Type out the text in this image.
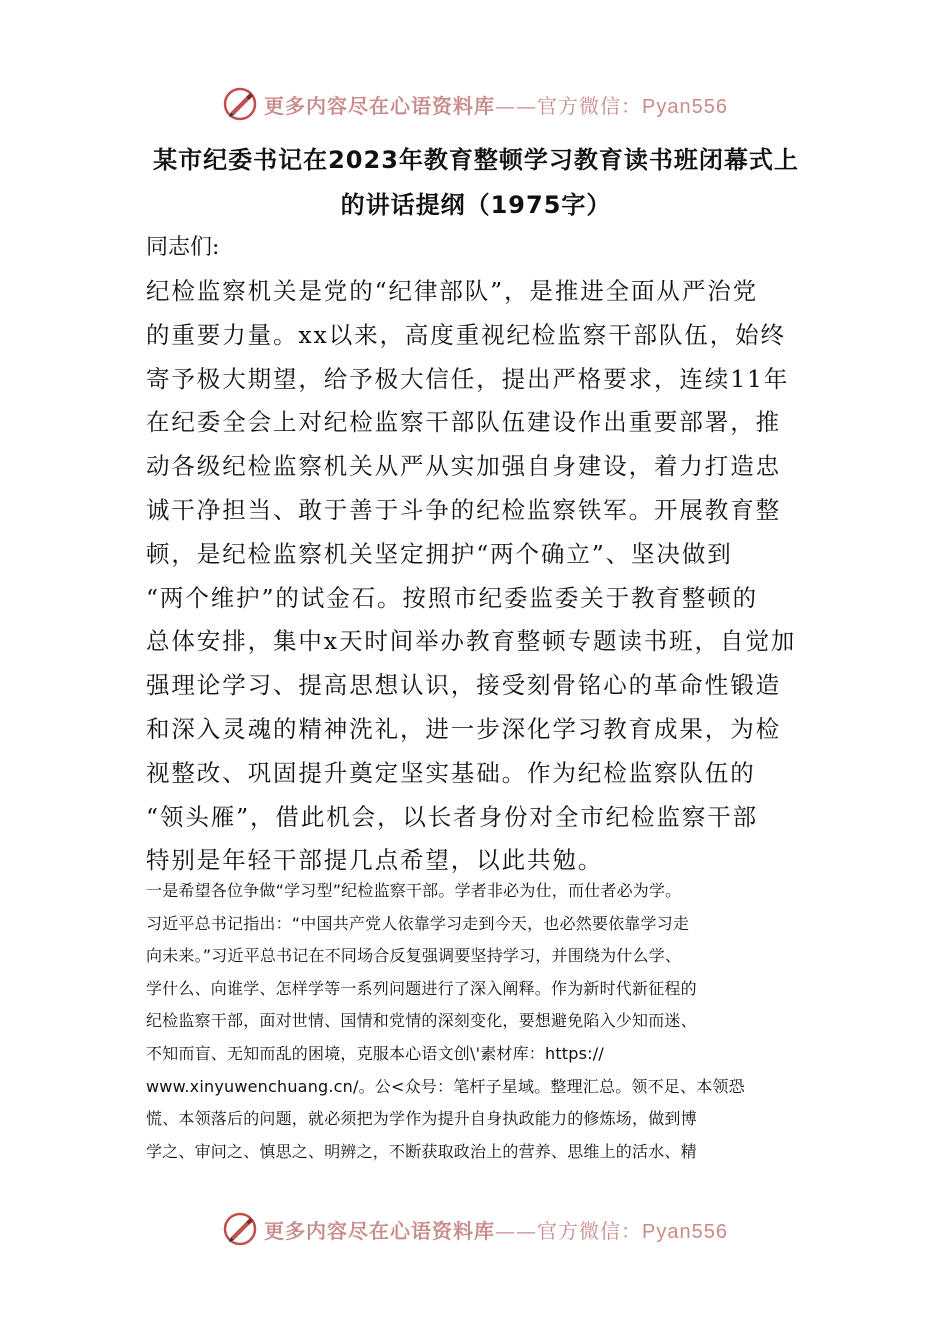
更多内容尽在心语资料库——官方微信：Pyan556
某市纪委书记在2023年教育整顿学习教育读书班闭幕式上
的讲话提纲（1975字）
同志们:
纪检监察机关是党的“纪律部队”，是推进全面从严治党
的重要力量。xx以来，高度重视纪检监察干部队伍，始终
寄予极大期望，给予极大信任，提出严格要求，连续11年
在纪委全会上对纪检监察干部队伍建设作出重要部署，推
动各级纪检监察机关从严从实加强自身建设，着力打造忠
诚干净担当、敢于善于斗争的纪检监察铁军。开展教育整
顿，是纪检监察机关坚定拥护“两个确立”、坚决做到
“两个维护”的试金石。按照市纪委监委关于教育整顿的
总体安排，集中x天时间举办教育整顿专题读书班，自觉加
强理论学习、提高思想认识，接受刻骨铭心的革命性锻造
和深入灵魂的精神洗礼，进一步深化学习教育成果，为检
视整改、巩固提升奠定坚实基础。作为纪检监察队伍的
“领头雁”，借此机会，以长者身份对全市纪检监察干部
特别是年轻干部提几点希望，以此共勉。
一是希望各位争做“学习型”纪检监察干部。学者非必为仕，而仕者必为学。
习近平总书记指出：“中国共产党人依靠学习走到今天，也必然要依靠学习走
向未来。”习近平总书记在不同场合反复强调要坚持学习，并围绕为什么学、
学什么、向谁学、怎样学等一系列问题进行了深入阐释。作为新时代新征程的
纪检监察干部，面对世情、国情和党情的深刻变化，要想避免陷入少知而迷、
不知而盲、无知而乱的困境，克服本心语文创\'素材库：https://
www.xinyuwenchuang.cn/。公<众号：笔杆子星域。整理汇总。领不足、本领恐
慌、本领落后的问题，就必须把为学作为提升自身执政能力的修炼场，做到博
学之、审问之、慎思之、明辨之，不断获取政治上的营养、思维上的活水、精
更多内容尽在心语资料库——官方微信：Pyan556
